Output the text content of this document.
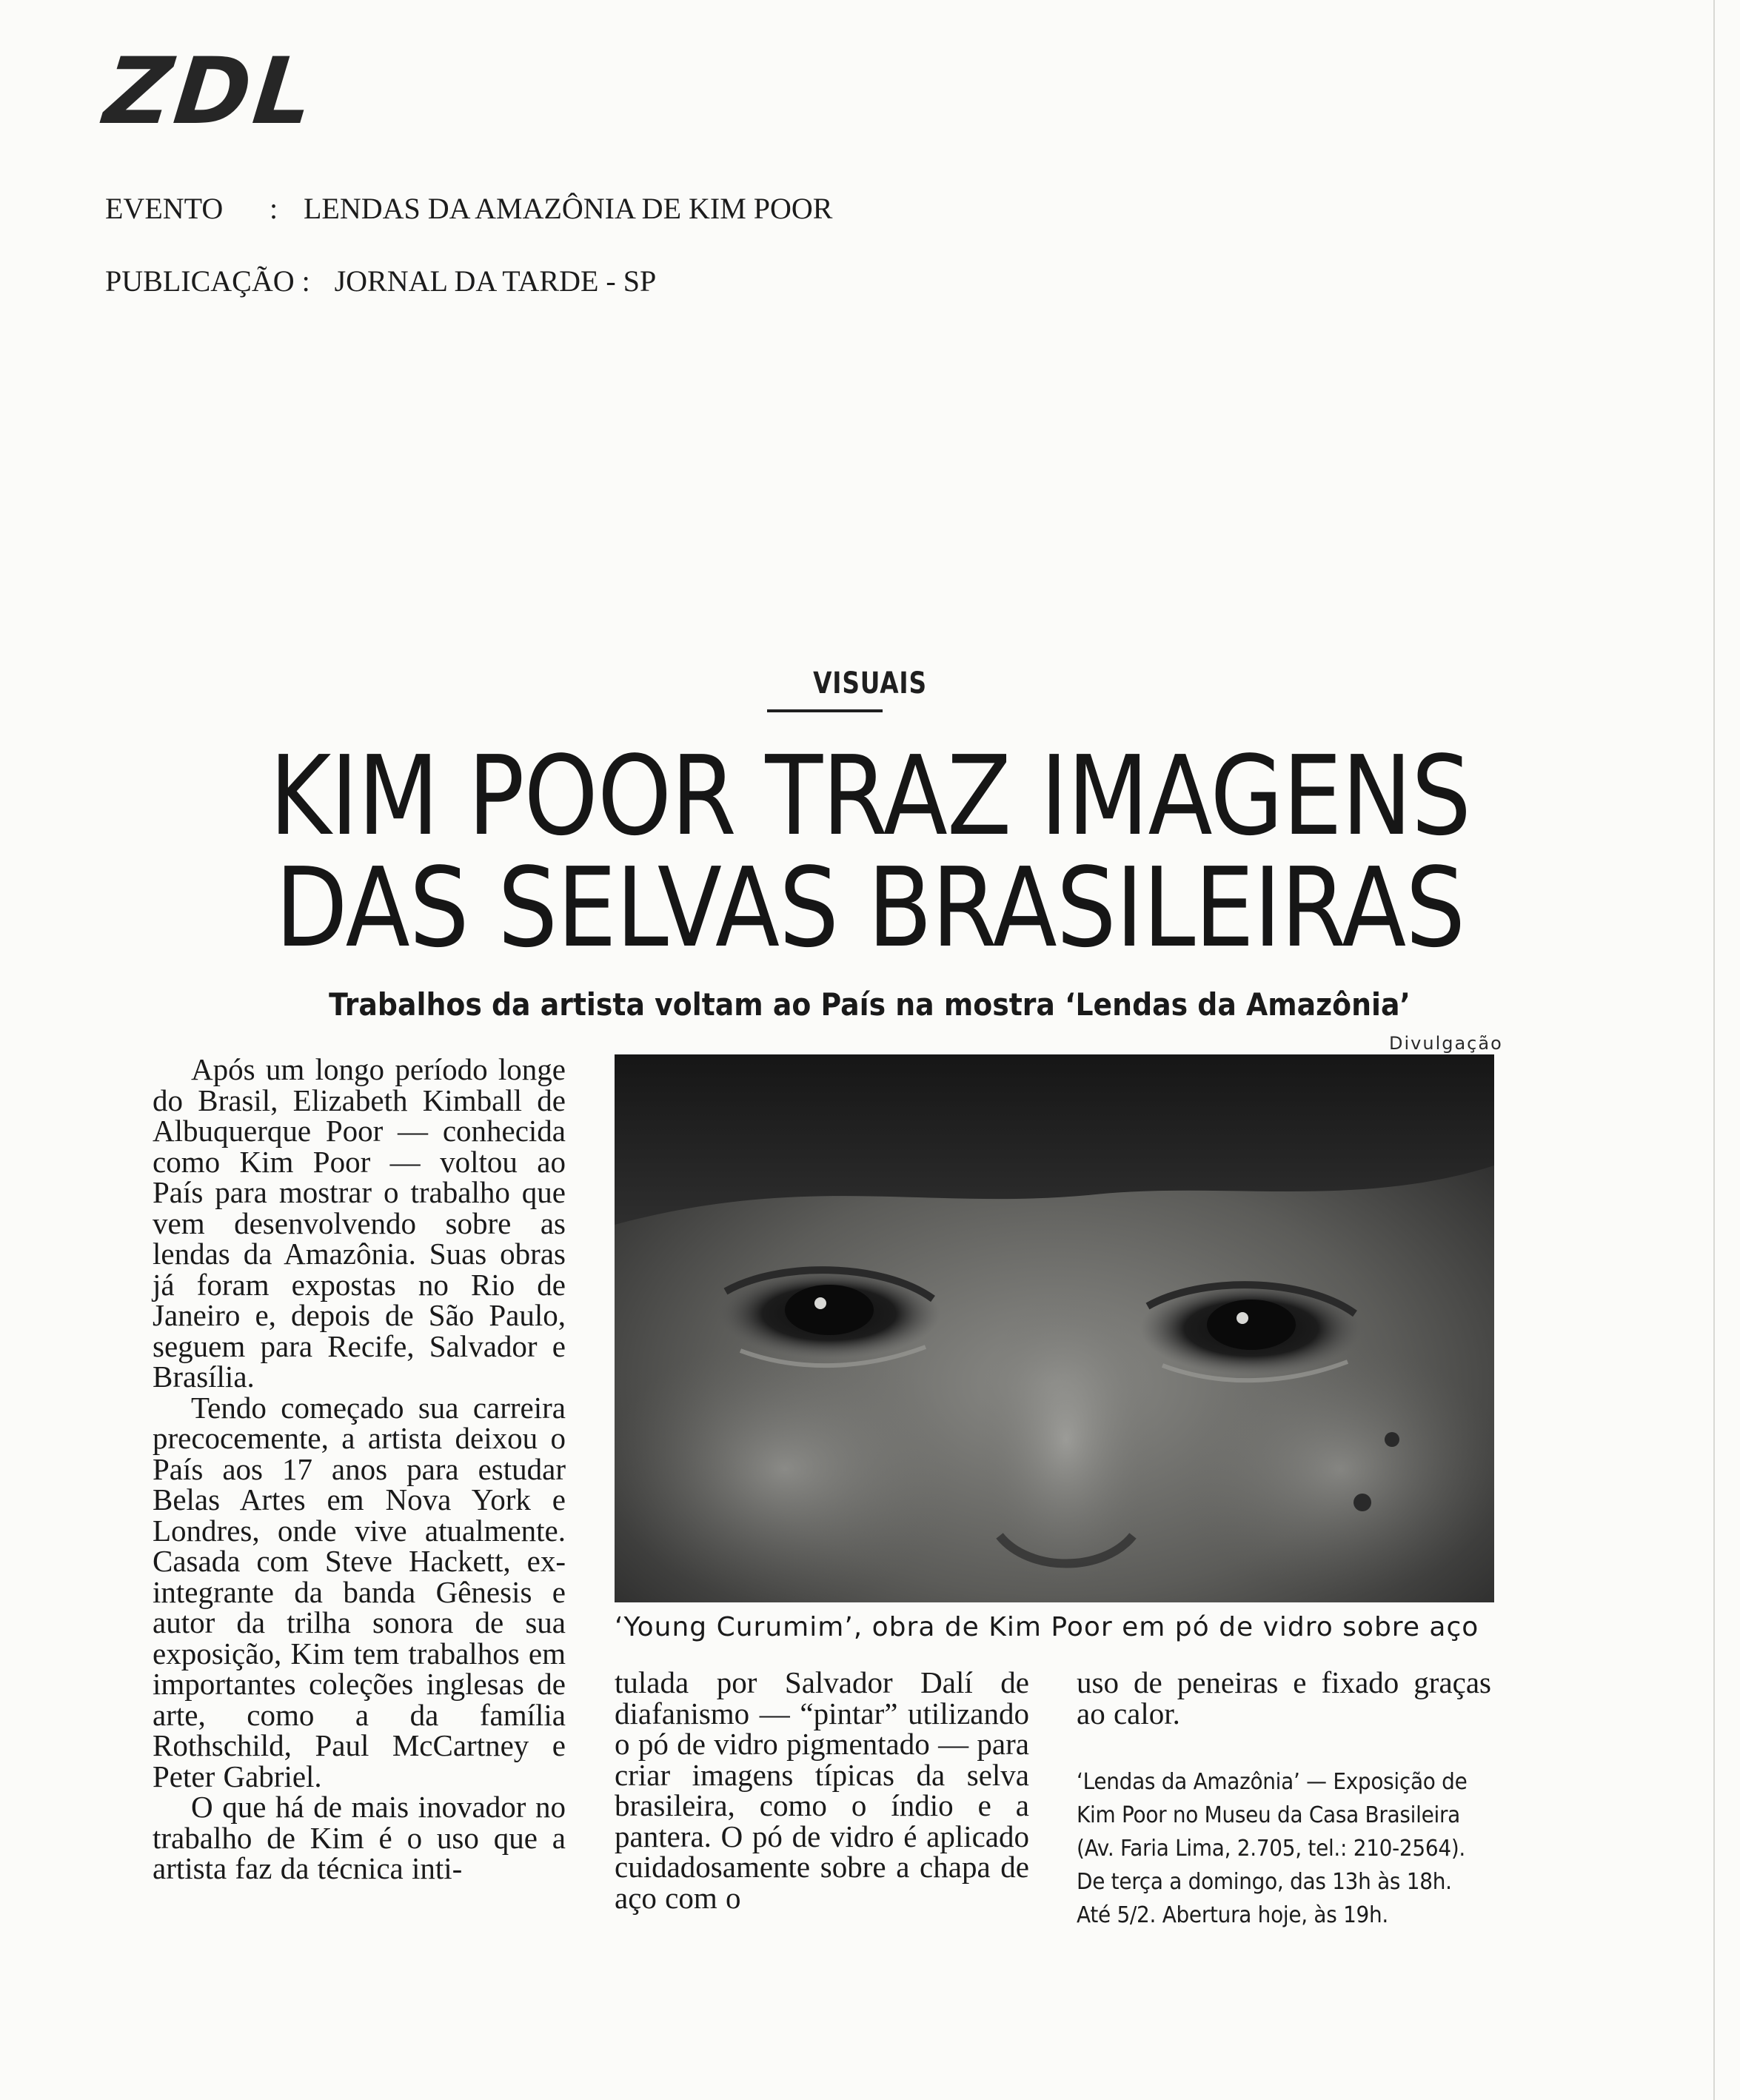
ZDL
EVENTO : LENDAS DA AMAZÔNIA DE KIM POOR
PUBLICAÇÃO : JORNAL DA TARDE - SP
VISUAIS
KIM POOR TRAZ IMAGENS
DAS SELVAS BRASILEIRAS
Trabalhos da artista voltam ao País na mostra ‘Lendas da Amazônia’
Divulgação
‘Young Curumim’, obra de Kim Poor em pó de vidro sobre aço

Após um longo período longe do Brasil, Elizabeth Kimball de Albuquerque Poor — conhecida como Kim Poor — voltou ao País para mostrar o trabalho que vem desenvolvendo sobre as lendas da Amazônia. Suas obras já foram expostas no Rio de Janeiro e, depois de São Paulo, seguem para Recife, Salvador e Brasília.

Tendo começado sua carreira precocemente, a artista deixou o País aos 17 anos para estudar Belas Artes em Nova York e Londres, onde vive atualmente. Casada com Steve Hackett, ex-integrante da banda Gênesis e autor da trilha sonora de sua exposição, Kim tem trabalhos em importantes coleções inglesas de arte, como a da família Rothschild, Paul McCartney e Peter Gabriel.

O que há de mais inovador no trabalho de Kim é o uso que a artista faz da técnica inti-

tulada por Salvador Dalí de diafanismo — “pintar” utilizando o pó de vidro pigmentado — para criar imagens típicas da selva brasileira, como o índio e a pantera. O pó de vidro é aplicado cuidadosamente sobre a chapa de aço com o

uso de peneiras e fixado graças ao calor.

‘Lendas da Amazônia’ — Exposição de
Kim Poor no Museu da Casa Brasileira
(Av. Faria Lima, 2.705, tel.: 210-2564).
De terça a domingo, das 13h às 18h.
Até 5/2. Abertura hoje, às 19h.
